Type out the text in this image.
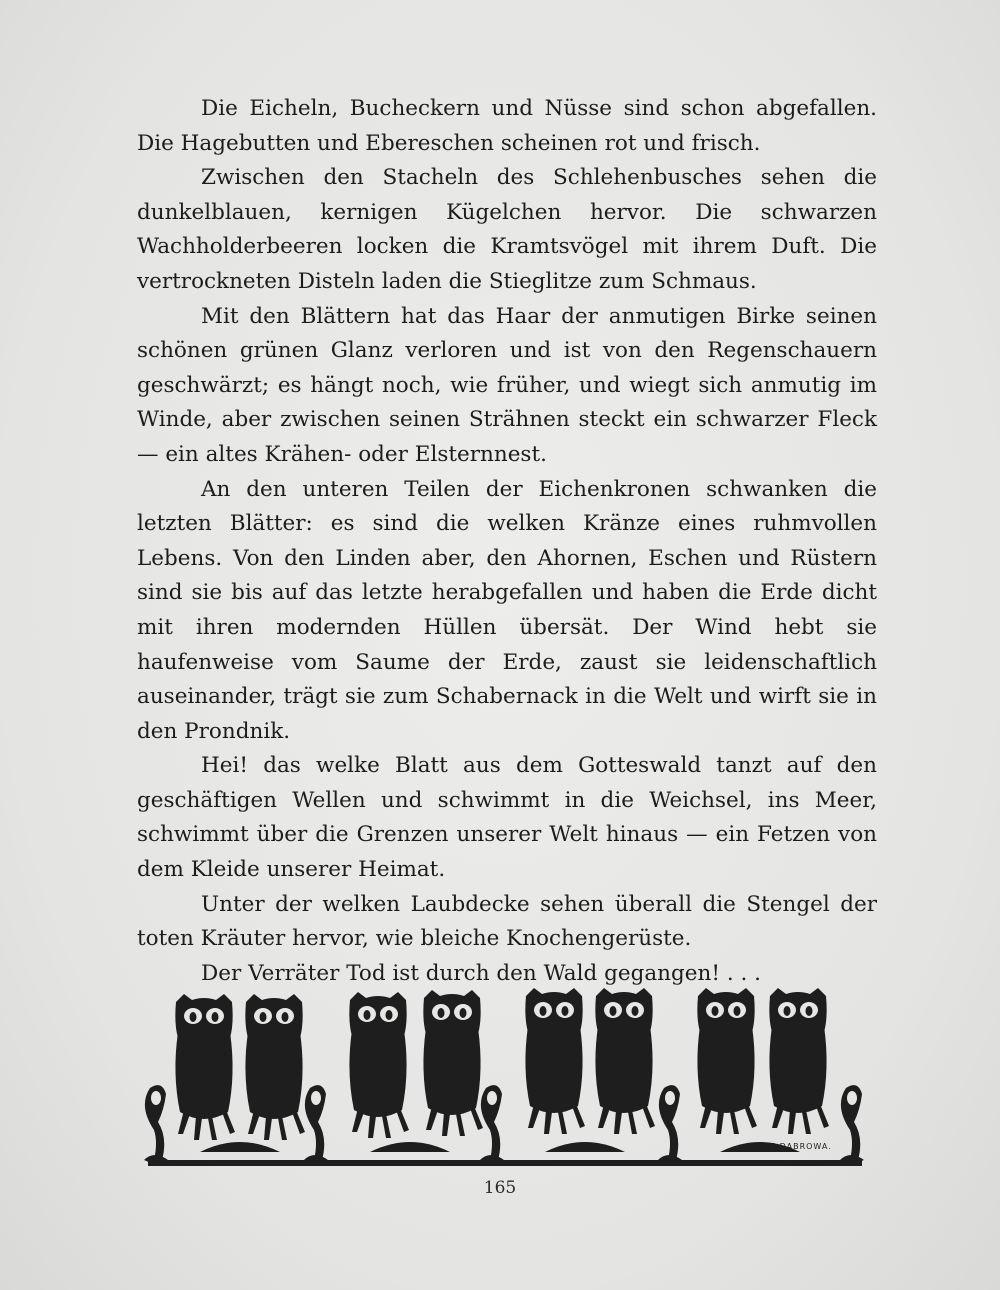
Die Eicheln, Bucheckern und Nüsse sind schon abgefallen. Die Hagebutten und Ebereschen scheinen rot und frisch.

Zwischen den Stacheln des Schlehenbusches sehen die dunkelblauen, kernigen Kügelchen hervor. Die schwarzen Wachholderbeeren locken die Kramtsvögel mit ihrem Duft. Die vertrockneten Disteln laden die Stieglitze zum Schmaus.

Mit den Blättern hat das Haar der anmutigen Birke seinen schönen grünen Glanz verloren und ist von den Regenschauern geschwärzt; es hängt noch, wie früher, und wiegt sich anmutig im Winde, aber zwischen seinen Strähnen steckt ein schwarzer Fleck — ein altes Krähen- oder Elsternnest.

An den unteren Teilen der Eichenkronen schwanken die letzten Blätter: es sind die welken Kränze eines ruhmvollen Lebens. Von den Linden aber, den Ahornen, Eschen und Rüstern sind sie bis auf das letzte herabgefallen und haben die Erde dicht mit ihren modernden Hüllen übersät. Der Wind hebt sie haufenweise vom Saume der Erde, zaust sie leidenschaftlich auseinander, trägt sie zum Schabernack in die Welt und wirft sie in den Prondnik.

Hei! das welke Blatt aus dem Gotteswald tanzt auf den geschäftigen Wellen und schwimmt in die Weichsel, ins Meer, schwimmt über die Grenzen unserer Welt hinaus — ein Fetzen von dem Kleide unserer Heimat.

Unter der welken Laubdecke sehen überall die Stengel der toten Kräuter hervor, wie bleiche Knochengerüste.

Der Verräter Tod ist durch den Wald gegangen! . . .

E.DABROWA.
165
